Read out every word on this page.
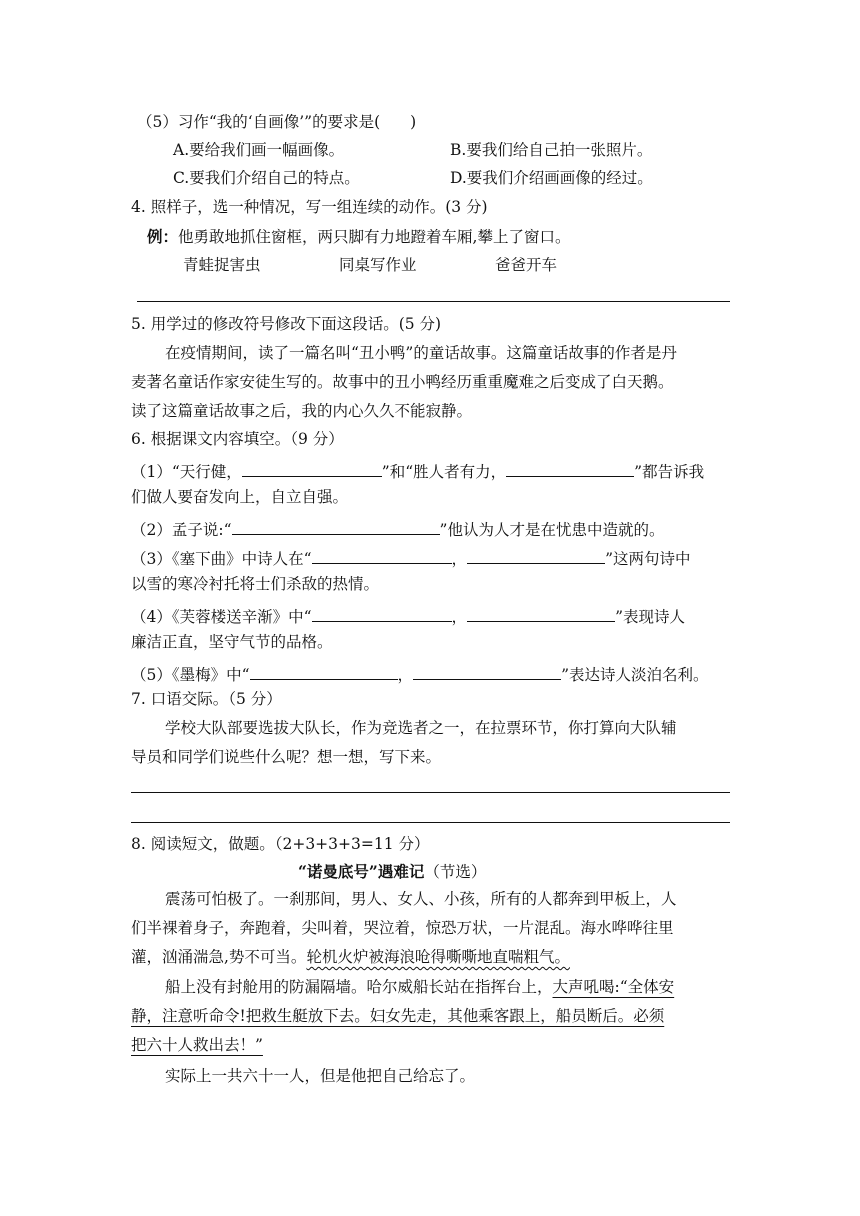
（5）习作“我的‘自画像’”的要求是( )
A.要给我们画一幅画像。	B.要我们给自己拍一张照片。
C.要我们介绍自己的特点。	D.要我们介绍画画像的经过。
4. 照样子，选一种情况，写一组连续的动作。(3 分)
例：他勇敢地抓住窗框，两只脚有力地蹬着车厢,攀上了窗口。
青蛙捉害虫	同桌写作业	爸爸开车
5. 用学过的修改符号修改下面这段话。(5 分)
在疫情期间，读了一篇名叫“丑小鸭”的童话故事。这篇童话故事的作者是丹
麦著名童话作家安徒生写的。故事中的丑小鸭经历重重魔难之后变成了白天鹅。
读了这篇童话故事之后，我的内心久久不能寂静。
6. 根据课文内容填空。（9 分）
（1）“天行健，	”和“胜人者有力，	”都告诉我
们做人要奋发向上，自立自强。
（2）孟子说:“	”他认为人才是在忧患中造就的。
（3）《塞下曲》中诗人在“	，	”这两句诗中
以雪的寒冷衬托将士们杀敌的热情。
（4）《芙蓉楼送辛渐》中“	，	”表现诗人
廉洁正直，坚守气节的品格。
（5）《墨梅》中“	，	”表达诗人淡泊名利。
7. 口语交际。（5 分）
学校大队部要选拔大队长，作为竞选者之一，在拉票环节，你打算向大队辅
导员和同学们说些什么呢？想一想，写下来。
8. 阅读短文，做题。（2+3+3+3=11 分）
“诺曼底号”遇难记（节选）
震荡可怕极了。一刹那间，男人、女人、小孩，所有的人都奔到甲板上，人
们半裸着身子，奔跑着，尖叫着，哭泣着，惊恐万状，一片混乱。海水哗哗往里
灌，汹涌湍急,势不可当。轮机火炉被海浪呛得嘶嘶地直喘粗气。
船上没有封舱用的防漏隔墙。哈尔威船长站在指挥台上，大声吼喝:“全体安
静，注意听命令!把救生艇放下去。妇女先走，其他乘客跟上，船员断后。必须
把六十人救出去！”
实际上一共六十一人，但是他把自己给忘了。
